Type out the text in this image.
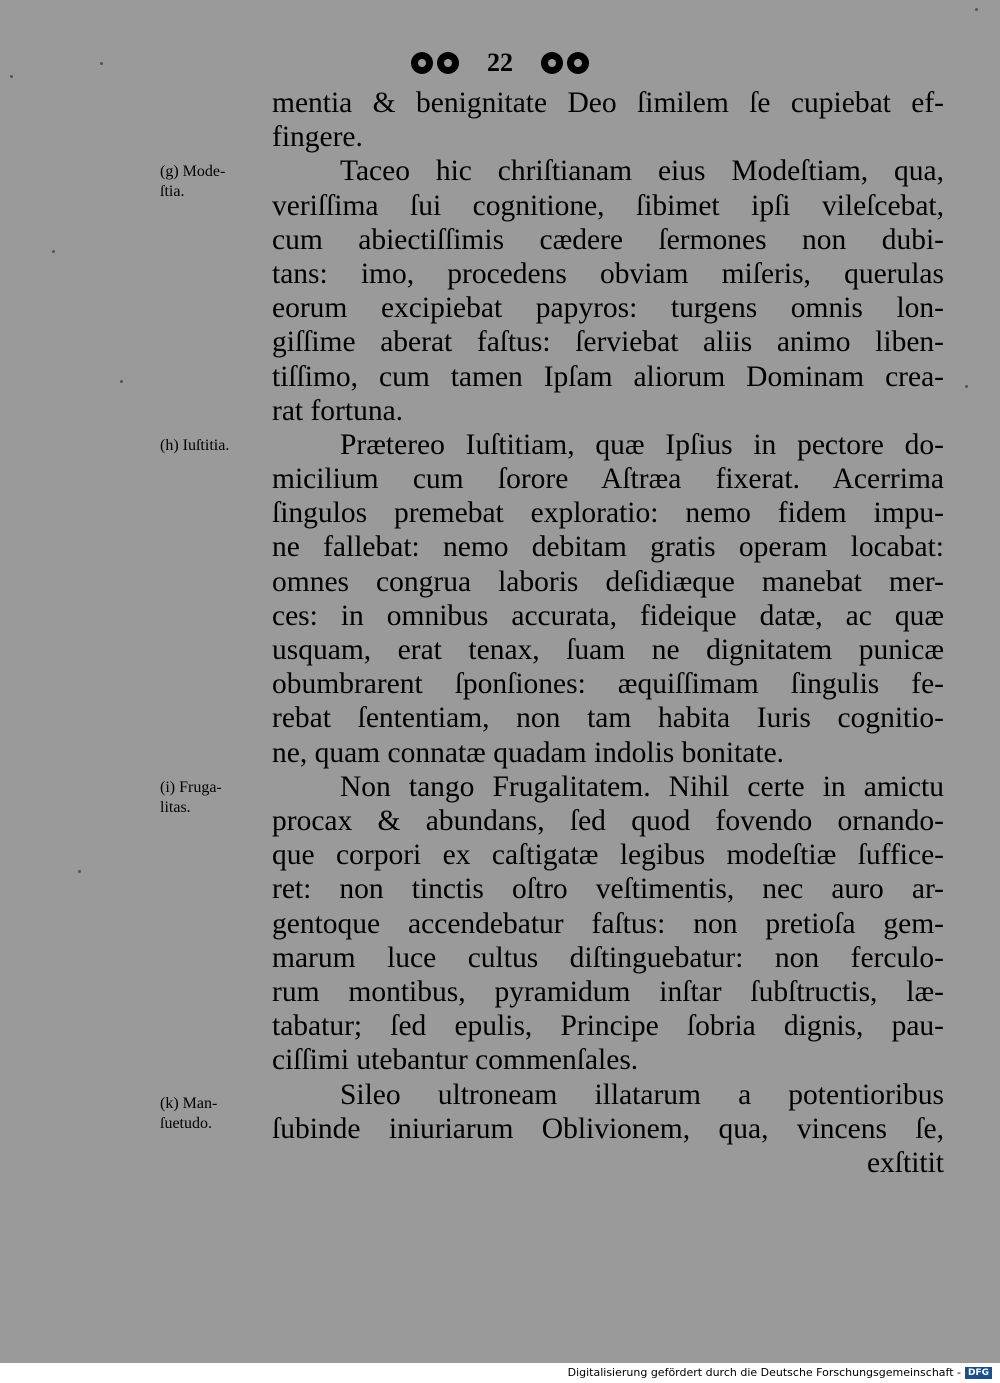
22
mentia & benignitate Deo ſimilem ſe cupiebat ef-
fingere.
Taceo hic chriſtianam eius Modeſtiam, qua,
veriſſima ſui cognitione, ſibimet ipſi vileſcebat,
cum abiectiſſimis cædere ſermones non dubi-
tans: imo, procedens obviam miſeris, querulas
eorum excipiebat papyros: turgens omnis lon-
giſſime aberat faſtus: ſerviebat aliis animo liben-
tiſſimo, cum tamen Ipſam aliorum Dominam crea-
rat fortuna.
Prætereo Iuſtitiam, quæ Ipſius in pectore do-
micilium cum ſorore Aſtræa fixerat. Acerrima
ſingulos premebat exploratio: nemo fidem impu-
ne fallebat: nemo debitam gratis operam locabat:
omnes congrua laboris deſidiæque manebat mer-
ces: in omnibus accurata, fideique datæ, ac quæ
usquam, erat tenax, ſuam ne dignitatem punicæ
obumbrarent ſponſiones: æquiſſimam ſingulis fe-
rebat ſententiam, non tam habita Iuris cognitio-
ne, quam connatæ quadam indolis bonitate.
Non tango Frugalitatem. Nihil certe in amictu
procax & abundans, ſed quod fovendo ornando-
que corpori ex caſtigatæ legibus modeſtiæ ſuffice-
ret: non tinctis oſtro veſtimentis, nec auro ar-
gentoque accendebatur faſtus: non pretioſa gem-
marum luce cultus diſtinguebatur: non ferculo-
rum montibus, pyramidum inſtar ſubſtructis, læ-
tabatur; ſed epulis, Principe ſobria dignis, pau-
ciſſimi utebantur commenſales.
Sileo ultroneam illatarum a potentioribus
ſubinde iniuriarum Oblivionem, qua, vincens ſe,
exſtitit
(g) Mode-
ſtia.
(h) Iuſtitia.
(i) Fruga-
litas.
(k) Man-
ſuetudo.
Digitalisierung gefördert durch die Deutsche Forschungsgemeinschaft - DFG
